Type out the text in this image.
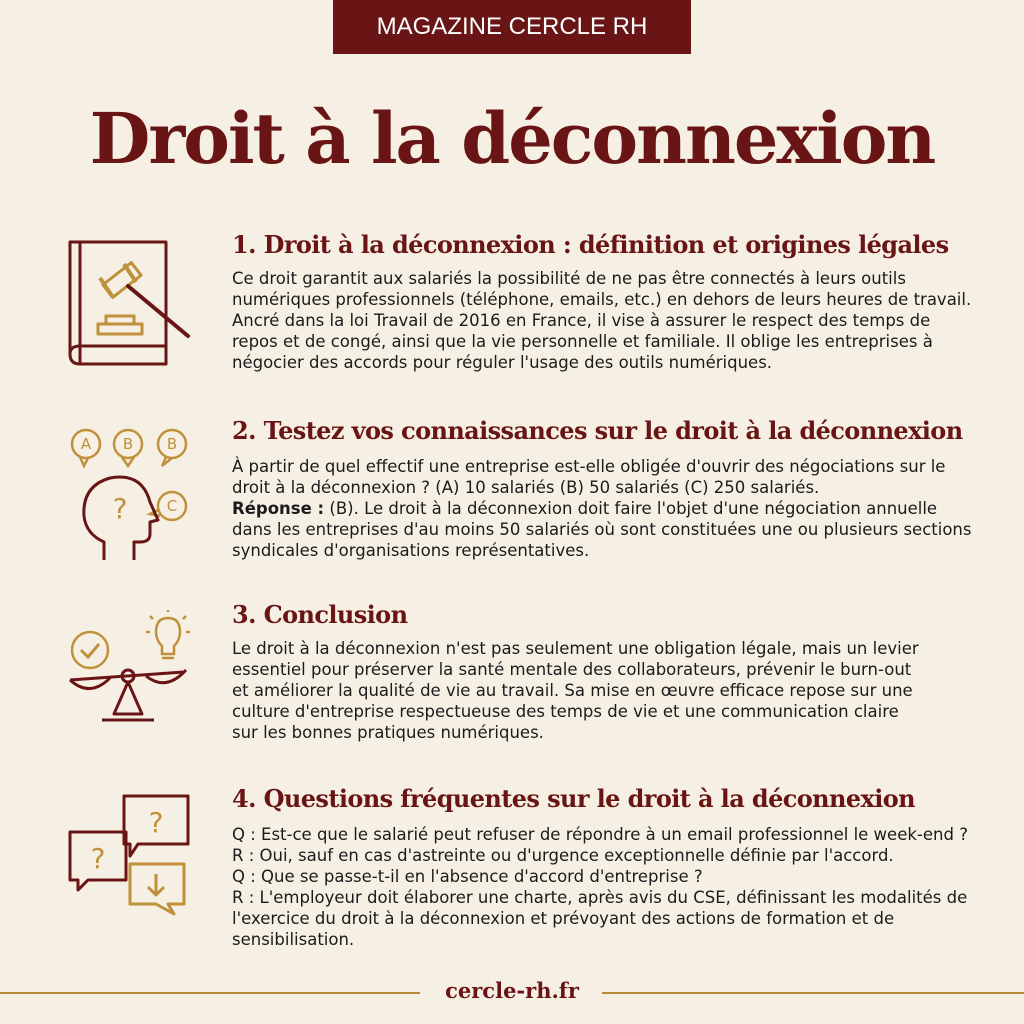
MAGAZINE CERCLE RH
Droit à la déconnexion
1. Droit à la déconnexion : définition et origines légales

Ce droit garantit aux salariés la possibilité de ne pas être connectés à leurs outils

numériques professionnels (téléphone, emails, etc.) en dehors de leurs heures de travail.

Ancré dans la loi Travail de 2016 en France, il vise à assurer le respect des temps de

repos et de congé, ainsi que la vie personnelle et familiale. Il oblige les entreprises à

négocier des accords pour réguler l'usage des outils numériques.

A B B
C
?
2. Testez vos connaissances sur le droit à la déconnexion

À partir de quel effectif une entreprise est-elle obligée d'ouvrir des négociations sur le

droit à la déconnexion ? (A) 10 salariés (B) 50 salariés (C) 250 salariés.

Réponse : (B). Le droit à la déconnexion doit faire l'objet d'une négociation annuelle

dans les entreprises d'au moins 50 salariés où sont constituées une ou plusieurs sections

syndicales d'organisations représentatives.

3. Conclusion

Le droit à la déconnexion n'est pas seulement une obligation légale, mais un levier

essentiel pour préserver la santé mentale des collaborateurs, prévenir le burn-out

et améliorer la qualité de vie au travail. Sa mise en œuvre efficace repose sur une

culture d'entreprise respectueuse des temps de vie et une communication claire

sur les bonnes pratiques numériques.

?
?
4. Questions fréquentes sur le droit à la déconnexion

Q : Est-ce que le salarié peut refuser de répondre à un email professionnel le week-end ?

R : Oui, sauf en cas d'astreinte ou d'urgence exceptionnelle définie par l'accord.

Q : Que se passe-t-il en l'absence d'accord d'entreprise ?

R : L'employeur doit élaborer une charte, après avis du CSE, définissant les modalités de

l'exercice du droit à la déconnexion et prévoyant des actions de formation et de

sensibilisation.

cercle-rh.fr
